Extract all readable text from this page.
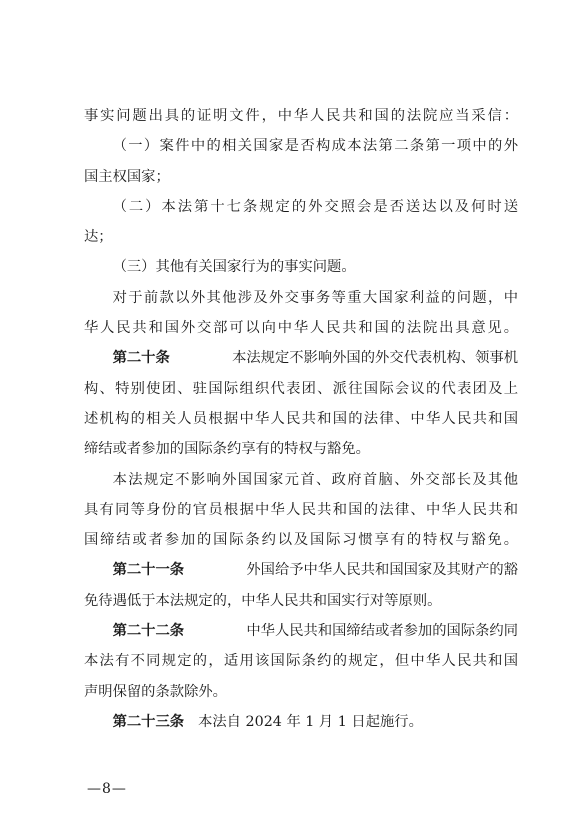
事实问题出具的证明文件，中华人民共和国的法院应当采信：
（一）案件中的相关国家是否构成本法第二条第一项中的外
国主权国家；
（二）本法第十七条规定的外交照会是否送达以及何时送
达；
（三）其他有关国家行为的事实问题。
对于前款以外其他涉及外交事务等重大国家利益的问题，中
华人民共和国外交部可以向中华人民共和国的法院出具意见。
第二十条	本法规定不影响外国的外交代表机构、领事机
构、特别使团、驻国际组织代表团、派往国际会议的代表团及上
述机构的相关人员根据中华人民共和国的法律、中华人民共和国
缔结或者参加的国际条约享有的特权与豁免。
本法规定不影响外国国家元首、政府首脑、外交部长及其他
具有同等身份的官员根据中华人民共和国的法律、中华人民共和
国缔结或者参加的国际条约以及国际习惯享有的特权与豁免。
第二十一条	外国给予中华人民共和国国家及其财产的豁
免待遇低于本法规定的，中华人民共和国实行对等原则。
第二十二条	中华人民共和国缔结或者参加的国际条约同
本法有不同规定的，适用该国际条约的规定，但中华人民共和国
声明保留的条款除外。
第二十三条 本法自 2024 年 1 月 1 日起施行。
—8—
